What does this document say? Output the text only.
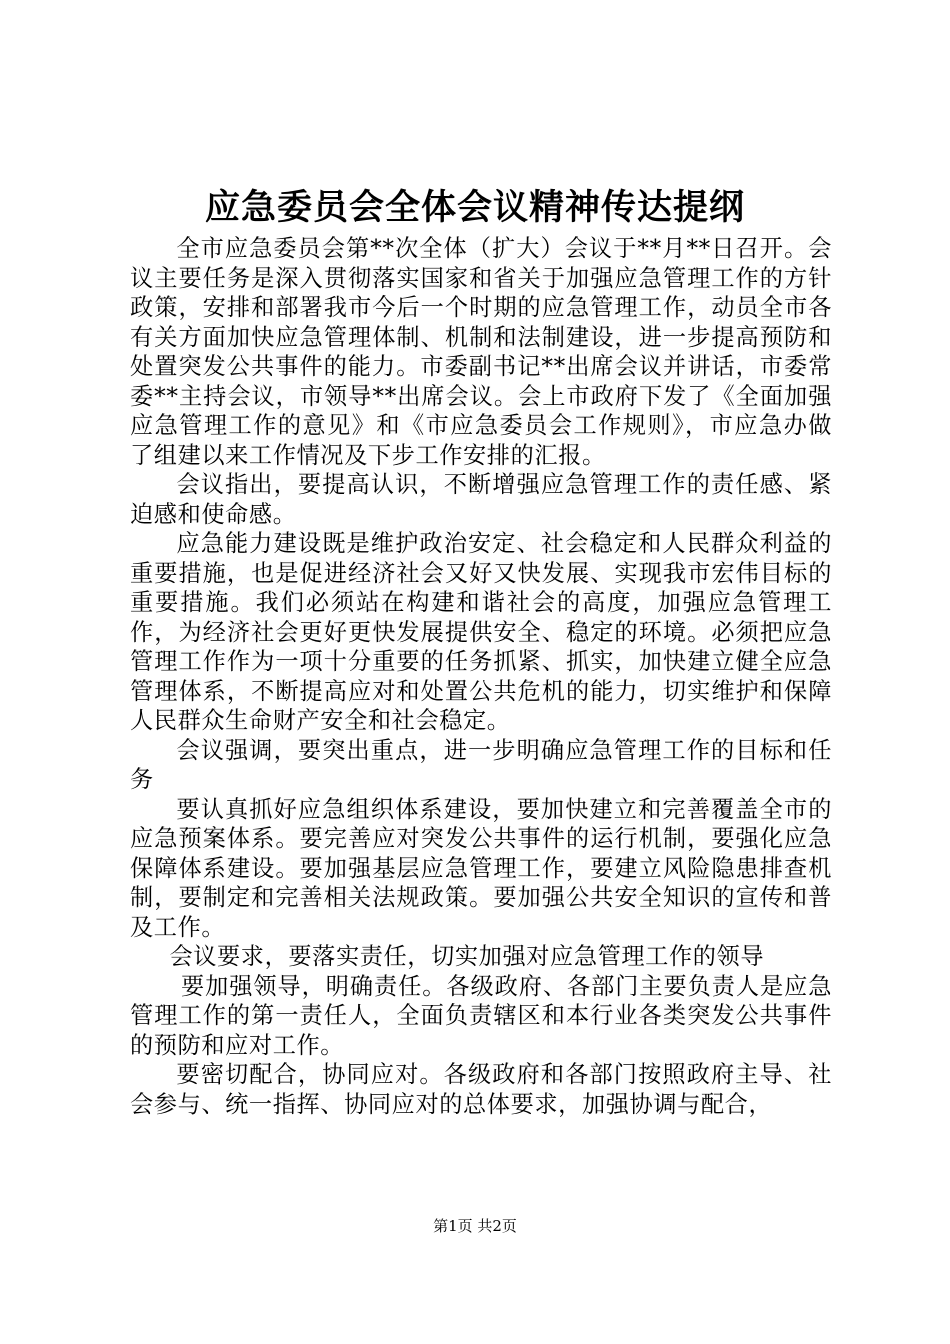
应急委员会全体会议精神传达提纲

全市应急委员会第**次全体（扩大）会议于**月**日召开。会议主要任务是深入贯彻落实国家和省关于加强应急管理工作的方针政策，安排和部署我市今后一个时期的应急管理工作，动员全市各有关方面加快应急管理体制、机制和法制建设，进一步提高预防和处置突发公共事件的能力。市委副书记**出席会议并讲话，市委常委**主持会议，市领导**出席会议。会上市政府下发了《全面加强应急管理工作的意见》和《市应急委员会工作规则》，市应急办做了组建以来工作情况及下步工作安排的汇报。

会议指出，要提高认识，不断增强应急管理工作的责任感、紧迫感和使命感。

应急能力建设既是维护政治安定、社会稳定和人民群众利益的重要措施，也是促进经济社会又好又快发展、实现我市宏伟目标的重要措施。我们必须站在构建和谐社会的高度，加强应急管理工作，为经济社会更好更快发展提供安全、稳定的环境。必须把应急管理工作作为一项十分重要的任务抓紧、抓实，加快建立健全应急管理体系，不断提高应对和处置公共危机的能力，切实维护和保障人民群众生命财产安全和社会稳定。

会议强调，要突出重点，进一步明确应急管理工作的目标和任务

要认真抓好应急组织体系建设，要加快建立和完善覆盖全市的应急预案体系。要完善应对突发公共事件的运行机制，要强化应急保障体系建设。要加强基层应急管理工作，要建立风险隐患排查机制，要制定和完善相关法规政策。要加强公共安全知识的宣传和普及工作。

会议要求，要落实责任，切实加强对应急管理工作的领导

要加强领导，明确责任。各级政府、各部门主要负责人是应急管理工作的第一责任人，全面负责辖区和本行业各类突发公共事件的预防和应对工作。

要密切配合，协同应对。各级政府和各部门按照政府主导、社会参与、统一指挥、协同应对的总体要求，加强协调与配合，

第1页 共2页
